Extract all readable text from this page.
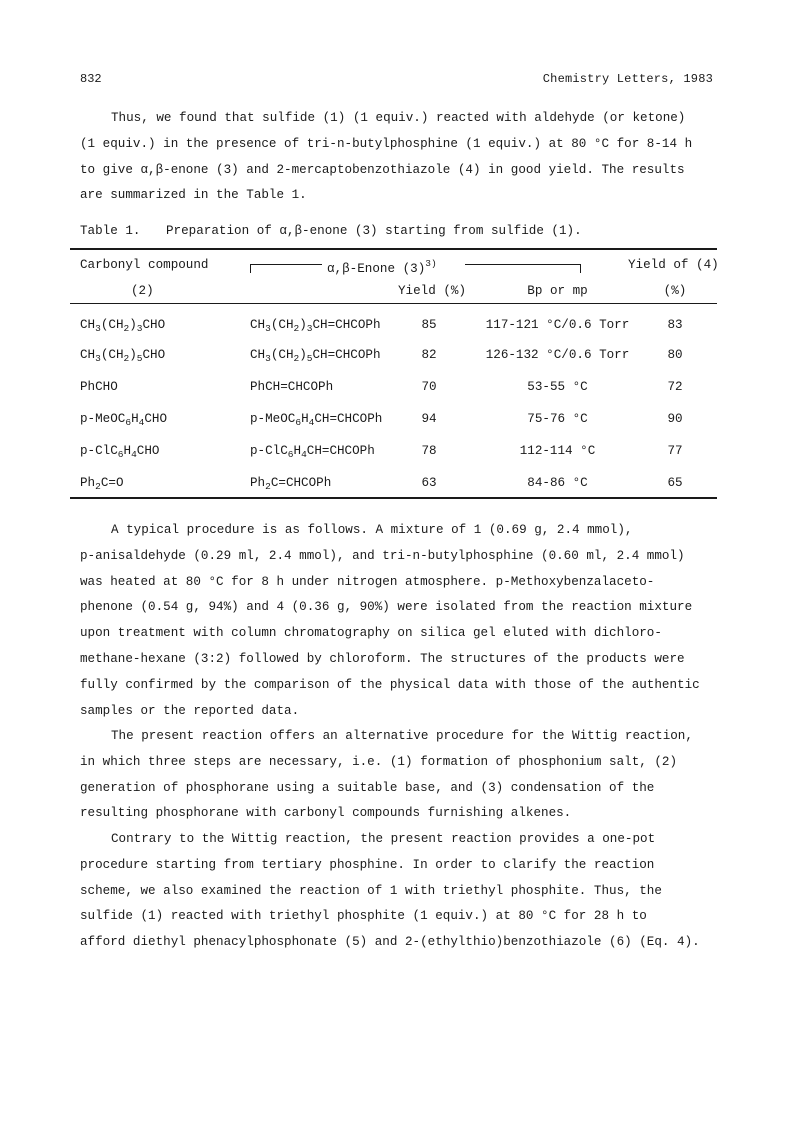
832	Chemistry Letters, 1983
Thus, we found that sulfide (1) (1 equiv.) reacted with aldehyde (or ketone)
(1 equiv.) in the presence of tri-n-butylphosphine (1 equiv.) at 80 °C for 8-14 h
to give α,β-enone (3) and 2-mercaptobenzothiazole (4) in good yield. The results
are summarized in the Table 1.
Table 1. Preparation of α,β-enone (3) starting from sulfide (1).
Carbonyl compound
(2)
α,β-Enone $(3)^{3)}$	Yield of (4)
Yield (%)	Bp or mp	(%)
$CH_3(CH_2)_3CHO$	$CH_3(CH_2)_3CH=CHCOPh$	85	117-121 °C/0.6 Torr	83
$CH_3(CH_2)_5CHO$	$CH_3(CH_2)_5CH=CHCOPh$	82	126-132 °C/0.6 Torr	80
PhCHO	PhCH=CHCOPh	70	53-55 °C	72
$p-MeOC_6H_4CHO$	$p-MeOC_6H_4CH=CHCOPh$	94	75-76 °C	90
$p-ClC_6H_4CHO$	$p-ClC_6H_4CH=CHCOPh$	78	112-114 °C	77
$Ph_2C=O$	$Ph_2C=CHCOPh$	63	84-86 °C	65
A typical procedure is as follows. A mixture of 1 (0.69 g, 2.4 mmol),
p-anisaldehyde (0.29 ml, 2.4 mmol), and tri-n-butylphosphine (0.60 ml, 2.4 mmol)
was heated at 80 °C for 8 h under nitrogen atmosphere. p-Methoxybenzalaceto-
phenone (0.54 g, 94%) and 4 (0.36 g, 90%) were isolated from the reaction mixture
upon treatment with column chromatography on silica gel eluted with dichloro-
methane-hexane (3:2) followed by chloroform. The structures of the products were
fully confirmed by the comparison of the physical data with those of the authentic
samples or the reported data.
The present reaction offers an alternative procedure for the Wittig reaction,
in which three steps are necessary, i.e. (1) formation of phosphonium salt, (2)
generation of phosphorane using a suitable base, and (3) condensation of the
resulting phosphorane with carbonyl compounds furnishing alkenes.
Contrary to the Wittig reaction, the present reaction provides a one-pot
procedure starting from tertiary phosphine. In order to clarify the reaction
scheme, we also examined the reaction of 1 with triethyl phosphite. Thus, the
sulfide (1) reacted with triethyl phosphite (1 equiv.) at 80 °C for 28 h to
afford diethyl phenacylphosphonate (5) and 2-(ethylthio)benzothiazole (6) (Eq. 4).
